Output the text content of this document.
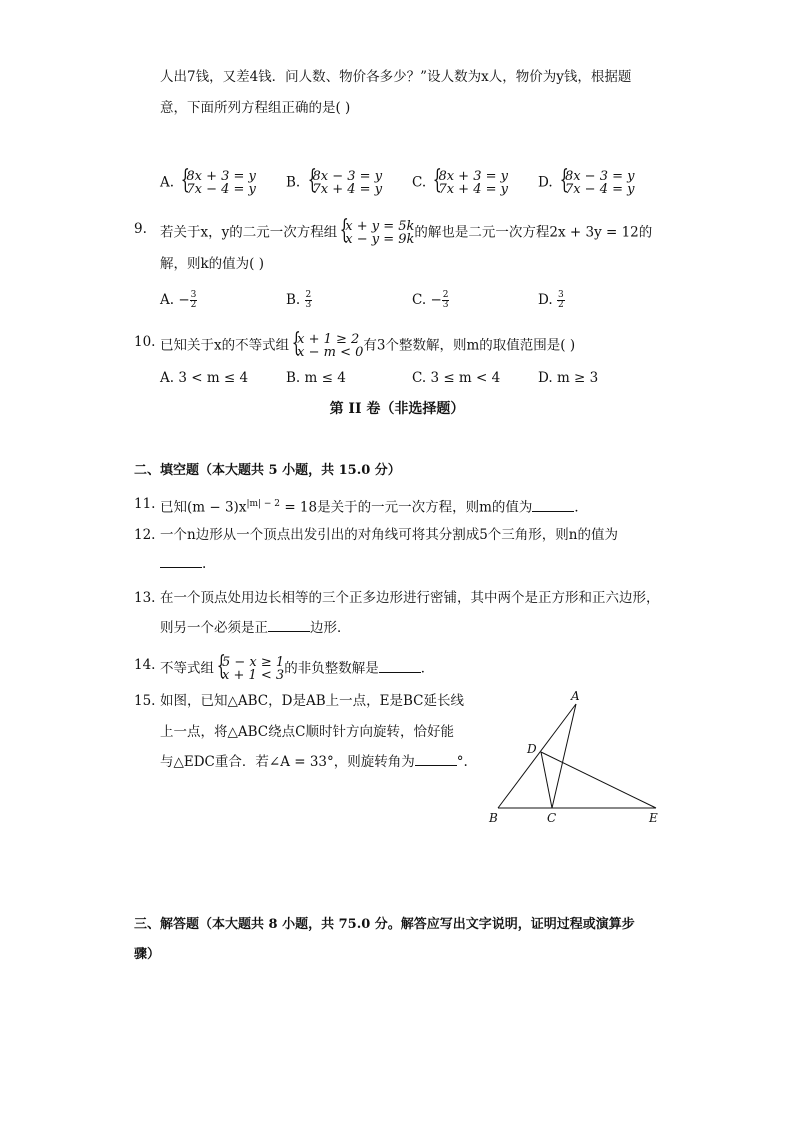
人出7钱，又差4钱．问人数、物价各多少？”设人数为x人，物价为y钱，根据题
意，下面所列方程组正确的是( )
A. { 8x + 3 = y
7x − 4 = y B. { 8x − 3 = y
7x + 4 = y C. { 8x + 3 = y
7x + 4 = y D. { 8x − 3 = y
7x − 4 = y
9. 若关于x，y的二元一次方程组 { x + y = 5k
x − y = 9k 的解也是二元一次方程2x + 3y = 12的
解，则k的值为( )
A. − $\frac{3}{2}$	B. $\frac{2}{3}$	C. − $\frac{2}{3}$	D. $\frac{3}{2}$
10. 已知关于x的不等式组 { x + 1 ≥ 2
x − m < 0 有3个整数解，则m的取值范围是( )
A. 3 < m ≤ 4	B. m ≤ 4	C. 3 ≤ m < 4	D. m ≥ 3
第 II 卷（非选择题）
二、填空题（本大题共 5 小题，共 15.0 分）
11. 已知$(m - 3)x^{|m| - 2} = 18$是关于的一元一次方程，则m的值为	．
12. 一个n边形从一个顶点出发引出的对角线可将其分割成5个三角形，则n的值为
.
13. 在一个顶点处用边长相等的三个正多边形进行密铺，其中两个是正方形和正六边形，
则另一个必须是正	边形．
14. 不等式组 { 5 − x ≥ 1
x + 1 < 3 的非负整数解是	．
15. 如图，已知△ABC，D是AB上一点，E是BC延长线
上一点，将△ABC绕点C顺时针方向旋转，恰好能
与△EDC重合．若∠A = 33°，则旋转角为	°.
A
D
B	C	E
三、解答题（本大题共 8 小题，共 75.0 分。解答应写出文字说明，证明过程或演算步
骤）
